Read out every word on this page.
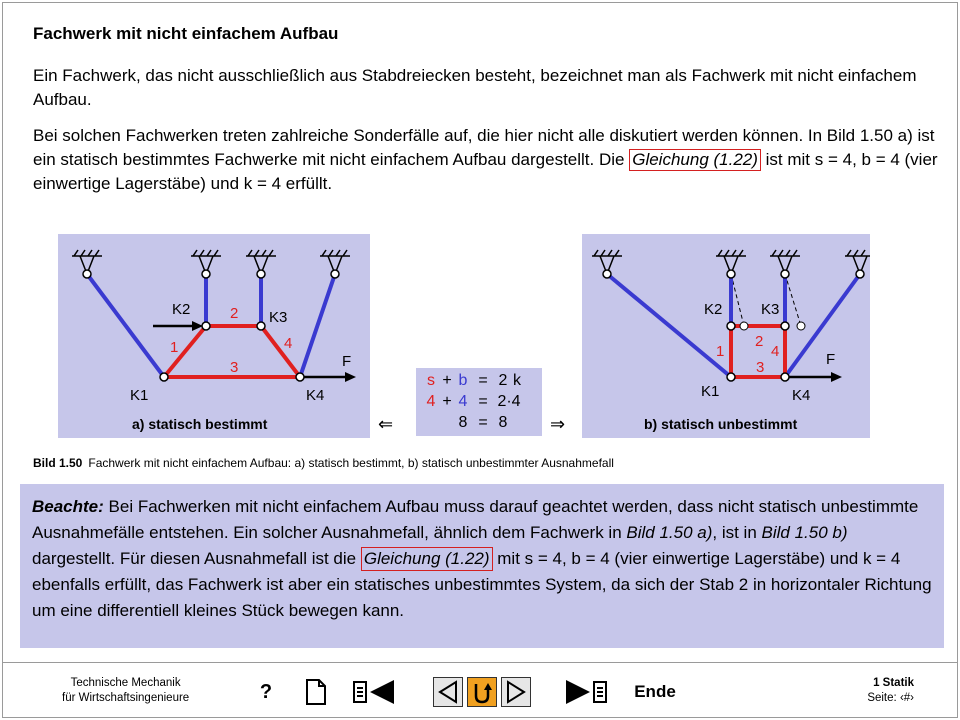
Fachwerk mit nicht einfachem Aufbau
Ein Fachwerk, das nicht ausschließlich aus Stabdreiecken besteht, bezeichnet man als Fachwerk mit nicht einfachem Aufbau.
Bei solchen Fachwerken treten zahlreiche Sonderfälle auf, die hier nicht alle diskutiert werden können. In Bild 1.50 a) ist ein statisch bestimmtes Fachwerke mit nicht einfachem Aufbau dargestellt. Die Gleichung (1.22) ist mit s = 4, b = 4 (vier einwertige Lagerstäbe) und k = 4 erfüllt.
K2	K3
K1	K4
1
2
3
4
F
a) statisch bestimmt
K2	K3
K1	K4
1
2
3
4	F
b) statisch unbestimmt
s + b = 2 k
4 + 4 = 2·4
8 = 8
⇐	⇒
Bild 1.50 Fachwerk mit nicht einfachem Aufbau: a) statisch bestimmt, b) statisch unbestimmter Ausnahmefall
Beachte: Bei Fachwerken mit nicht einfachem Aufbau muss darauf geachtet werden, dass nicht statisch unbestimmte Ausnahmefälle entstehen. Ein solcher Ausnahmefall, ähnlich dem Fachwerk in Bild 1.50 a), ist in Bild 1.50 b) dargestellt. Für diesen Ausnahmefall ist die Gleichung (1.22) mit s = 4, b = 4 (vier einwertige Lagerstäbe) und k = 4 ebenfalls erfüllt, das Fachwerk ist aber ein statisches unbestimmtes System, da sich der Stab 2 in horizontaler Richtung um eine differentiell kleines Stück bewegen kann.
Technische Mechanik
für Wirtschaftsingenieure
1 Statik
Seite: ‹#›
?	Ende
